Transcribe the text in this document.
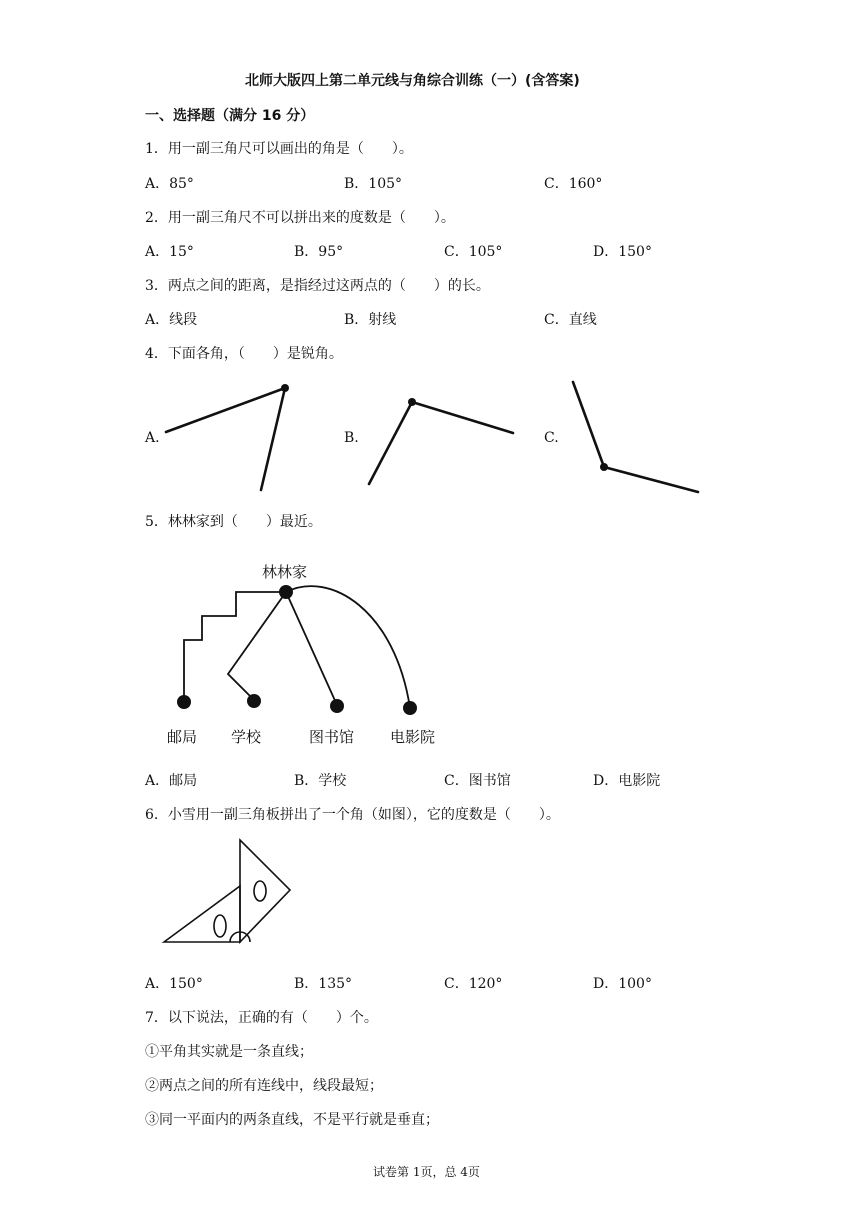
北师大版四上第二单元线与角综合训练（一）(含答案)
一、选择题（满分 16 分）
1．用一副三角尺可以画出的角是（　　）。
A．85°	B．105°	C．160°
2．用一副三角尺不可以拼出来的度数是（　　）。
A．15°	B．95°	C．105°	D．150°
3．两点之间的距离，是指经过这两点的（　　）的长。
A．线段	B．射线	C．直线
4．下面各角，（　　）是锐角。
A.	B.	C.
林林家
邮局 学校	图书馆 电影院
5．林林家到（　　）最近。
A．邮局	B．学校	C．图书馆	D．电影院
6．小雪用一副三角板拼出了一个角（如图），它的度数是（　　）。
A．150°	B．135°	C．120°	D．100°
7．以下说法，正确的有（　　）个。
①平角其实就是一条直线；
②两点之间的所有连线中，线段最短；
③同一平面内的两条直线，不是平行就是垂直；
试卷第 1页，总 4页
